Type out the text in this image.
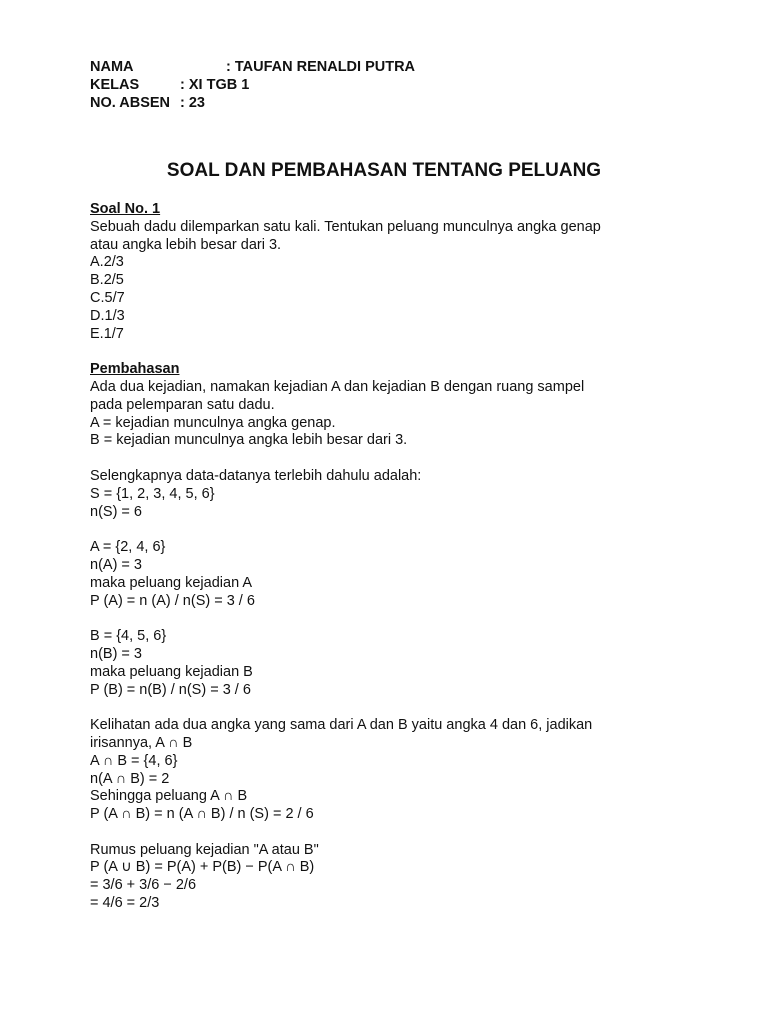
NAMA	: TAUFAN RENALDI PUTRA
KELAS	: XI TGB 1
NO. ABSEN : 23
SOAL DAN PEMBAHASAN TENTANG PELUANG
Soal No. 1
Sebuah dadu dilemparkan satu kali. Tentukan peluang munculnya angka genap
atau angka lebih besar dari 3.
A.2/3
B.2/5
C.5/7
D.1/3
E.1/7
Pembahasan
Ada dua kejadian, namakan kejadian A dan kejadian B dengan ruang sampel
pada pelemparan satu dadu.
A = kejadian munculnya angka genap.
B = kejadian munculnya angka lebih besar dari 3.
Selengkapnya data-datanya terlebih dahulu adalah:
S = {1, 2, 3, 4, 5, 6}
n(S) = 6
A = {2, 4, 6}
n(A) = 3
maka peluang kejadian A
P (A) = n (A) / n(S) = 3 / 6
B = {4, 5, 6}
n(B) = 3
maka peluang kejadian B
P (B) = n(B) / n(S) = 3 / 6
Kelihatan ada dua angka yang sama dari A dan B yaitu angka 4 dan 6, jadikan
irisannya, A ∩ B
A ∩ B = {4, 6}
n(A ∩ B) = 2
Sehingga peluang A ∩ B
P (A ∩ B) = n (A ∩ B) / n (S) = 2 / 6
Rumus peluang kejadian "A atau B"
P (A ∪ B) = P(A) + P(B) − P(A ∩ B)
= 3/6 + 3/6 − 2/6
= 4/6 = 2/3
